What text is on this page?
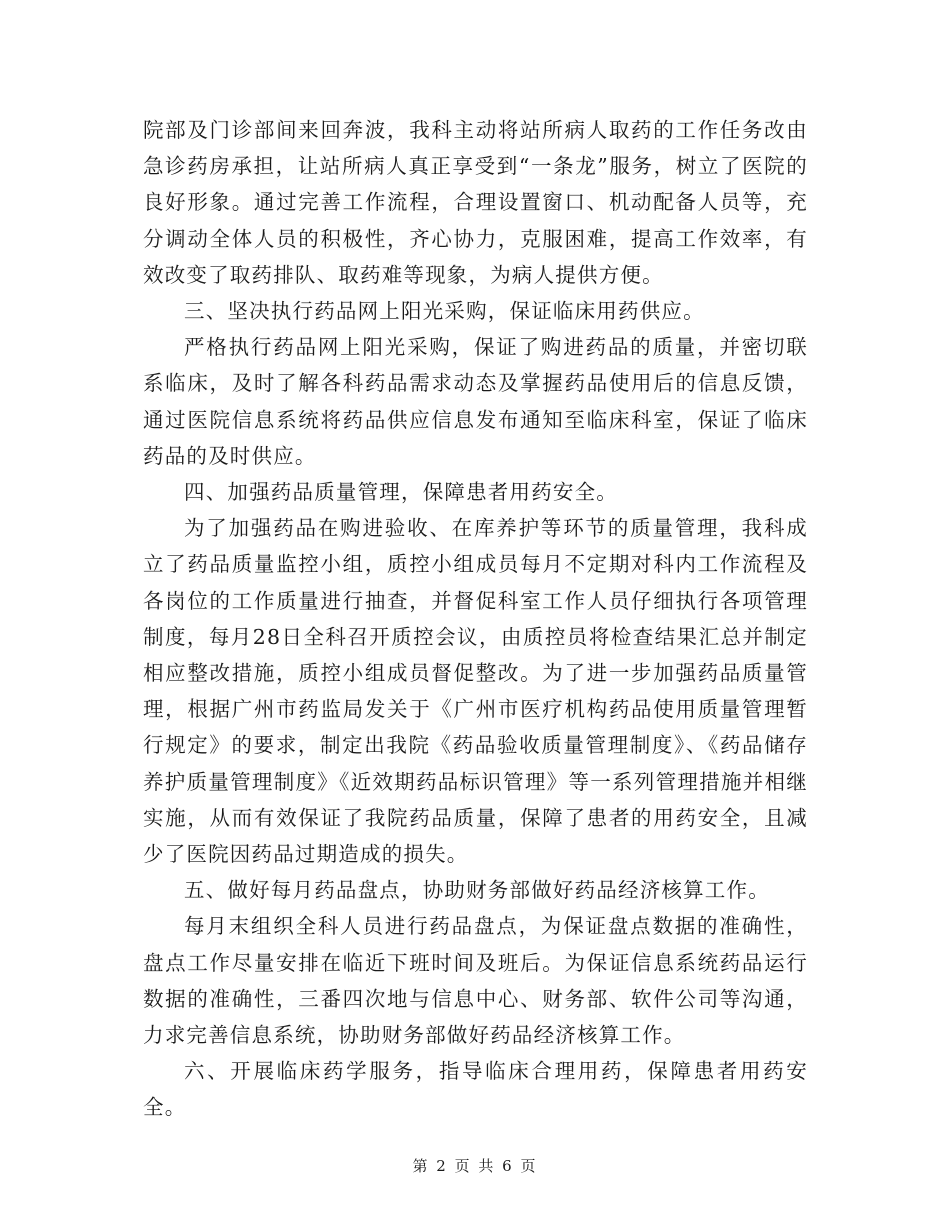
院部及门诊部间来回奔波，我科主动将站所病人取药的工作任务改由急诊药房承担，让站所病人真正享受到“一条龙”服务，树立了医院的良好形象。通过完善工作流程，合理设置窗口、机动配备人员等，充分调动全体人员的积极性，齐心协力，克服困难，提高工作效率，有效改变了取药排队、取药难等现象，为病人提供方便。

三、坚决执行药品网上阳光采购，保证临床用药供应。

严格执行药品网上阳光采购，保证了购进药品的质量，并密切联系临床，及时了解各科药品需求动态及掌握药品使用后的信息反馈，通过医院信息系统将药品供应信息发布通知至临床科室，保证了临床药品的及时供应。

四、加强药品质量管理，保障患者用药安全。

为了加强药品在购进验收、在库养护等环节的质量管理，我科成立了药品质量监控小组，质控小组成员每月不定期对科内工作流程及各岗位的工作质量进行抽查，并督促科室工作人员仔细执行各项管理制度，每月28日全科召开质控会议，由质控员将检查结果汇总并制定相应整改措施，质控小组成员督促整改。为了进一步加强药品质量管理，根据广州市药监局发关于《广州市医疗机构药品使用质量管理暂行规定》的要求，制定出我院《药品验收质量管理制度》、《药品储存养护质量管理制度》《近效期药品标识管理》等一系列管理措施并相继实施，从而有效保证了我院药品质量，保障了患者的用药安全，且减少了医院因药品过期造成的损失。

五、做好每月药品盘点，协助财务部做好药品经济核算工作。

每月末组织全科人员进行药品盘点，为保证盘点数据的准确性，盘点工作尽量安排在临近下班时间及班后。为保证信息系统药品运行数据的准确性，三番四次地与信息中心、财务部、软件公司等沟通，力求完善信息系统，协助财务部做好药品经济核算工作。

六、开展临床药学服务，指导临床合理用药，保障患者用药安全。

第 2 页 共 6 页
